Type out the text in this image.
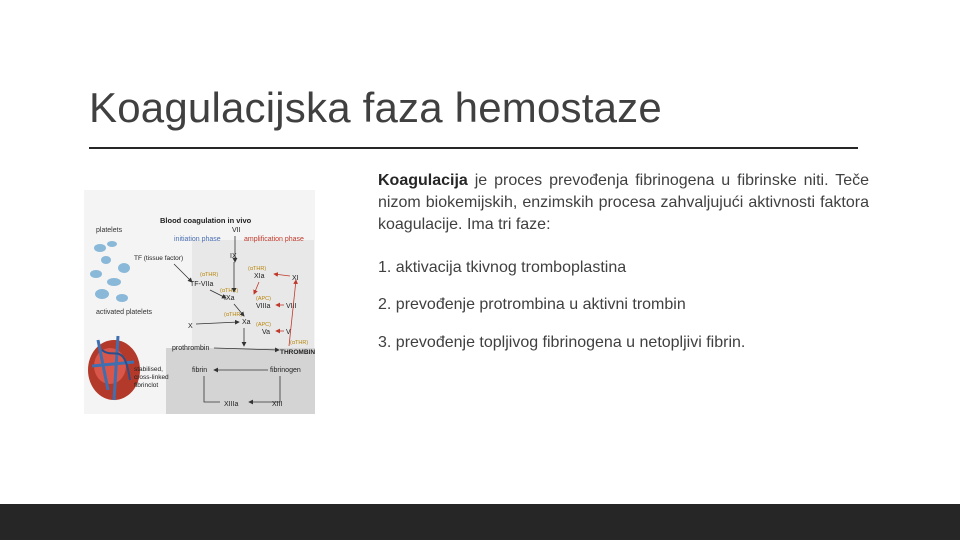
Koagulacijska faza hemostaze
Blood coagulation in vivo
initiation phase	amplification phase
platelets
activated platelets
stabilised,
cross-linked
fibrinclot
VII
IX
TF (tissue factor)
(αTHR)
TF-VIIa
(αTHR)
IXa
X
(αTHR)
Xa
(αTHR)
XIa	XI
(APC)
VIIIa VIII
(APC)
Va V
(αTHR)
prothrombin
THROMBIN
fibrin	fibrinogen
XIIIa	XIII

Koagulacija je proces prevođenja fibrinogena u fibrinske niti. Teče nizom biokemijskih, enzimskih procesa zahvaljujući aktivnosti faktora koagulacije. Ima tri faze:

1. aktivacija tkivnog tromboplastina

2. prevođenje protrombina u aktivni trombin

3. prevođenje topljivog fibrinogena u netopljivi fibrin.
